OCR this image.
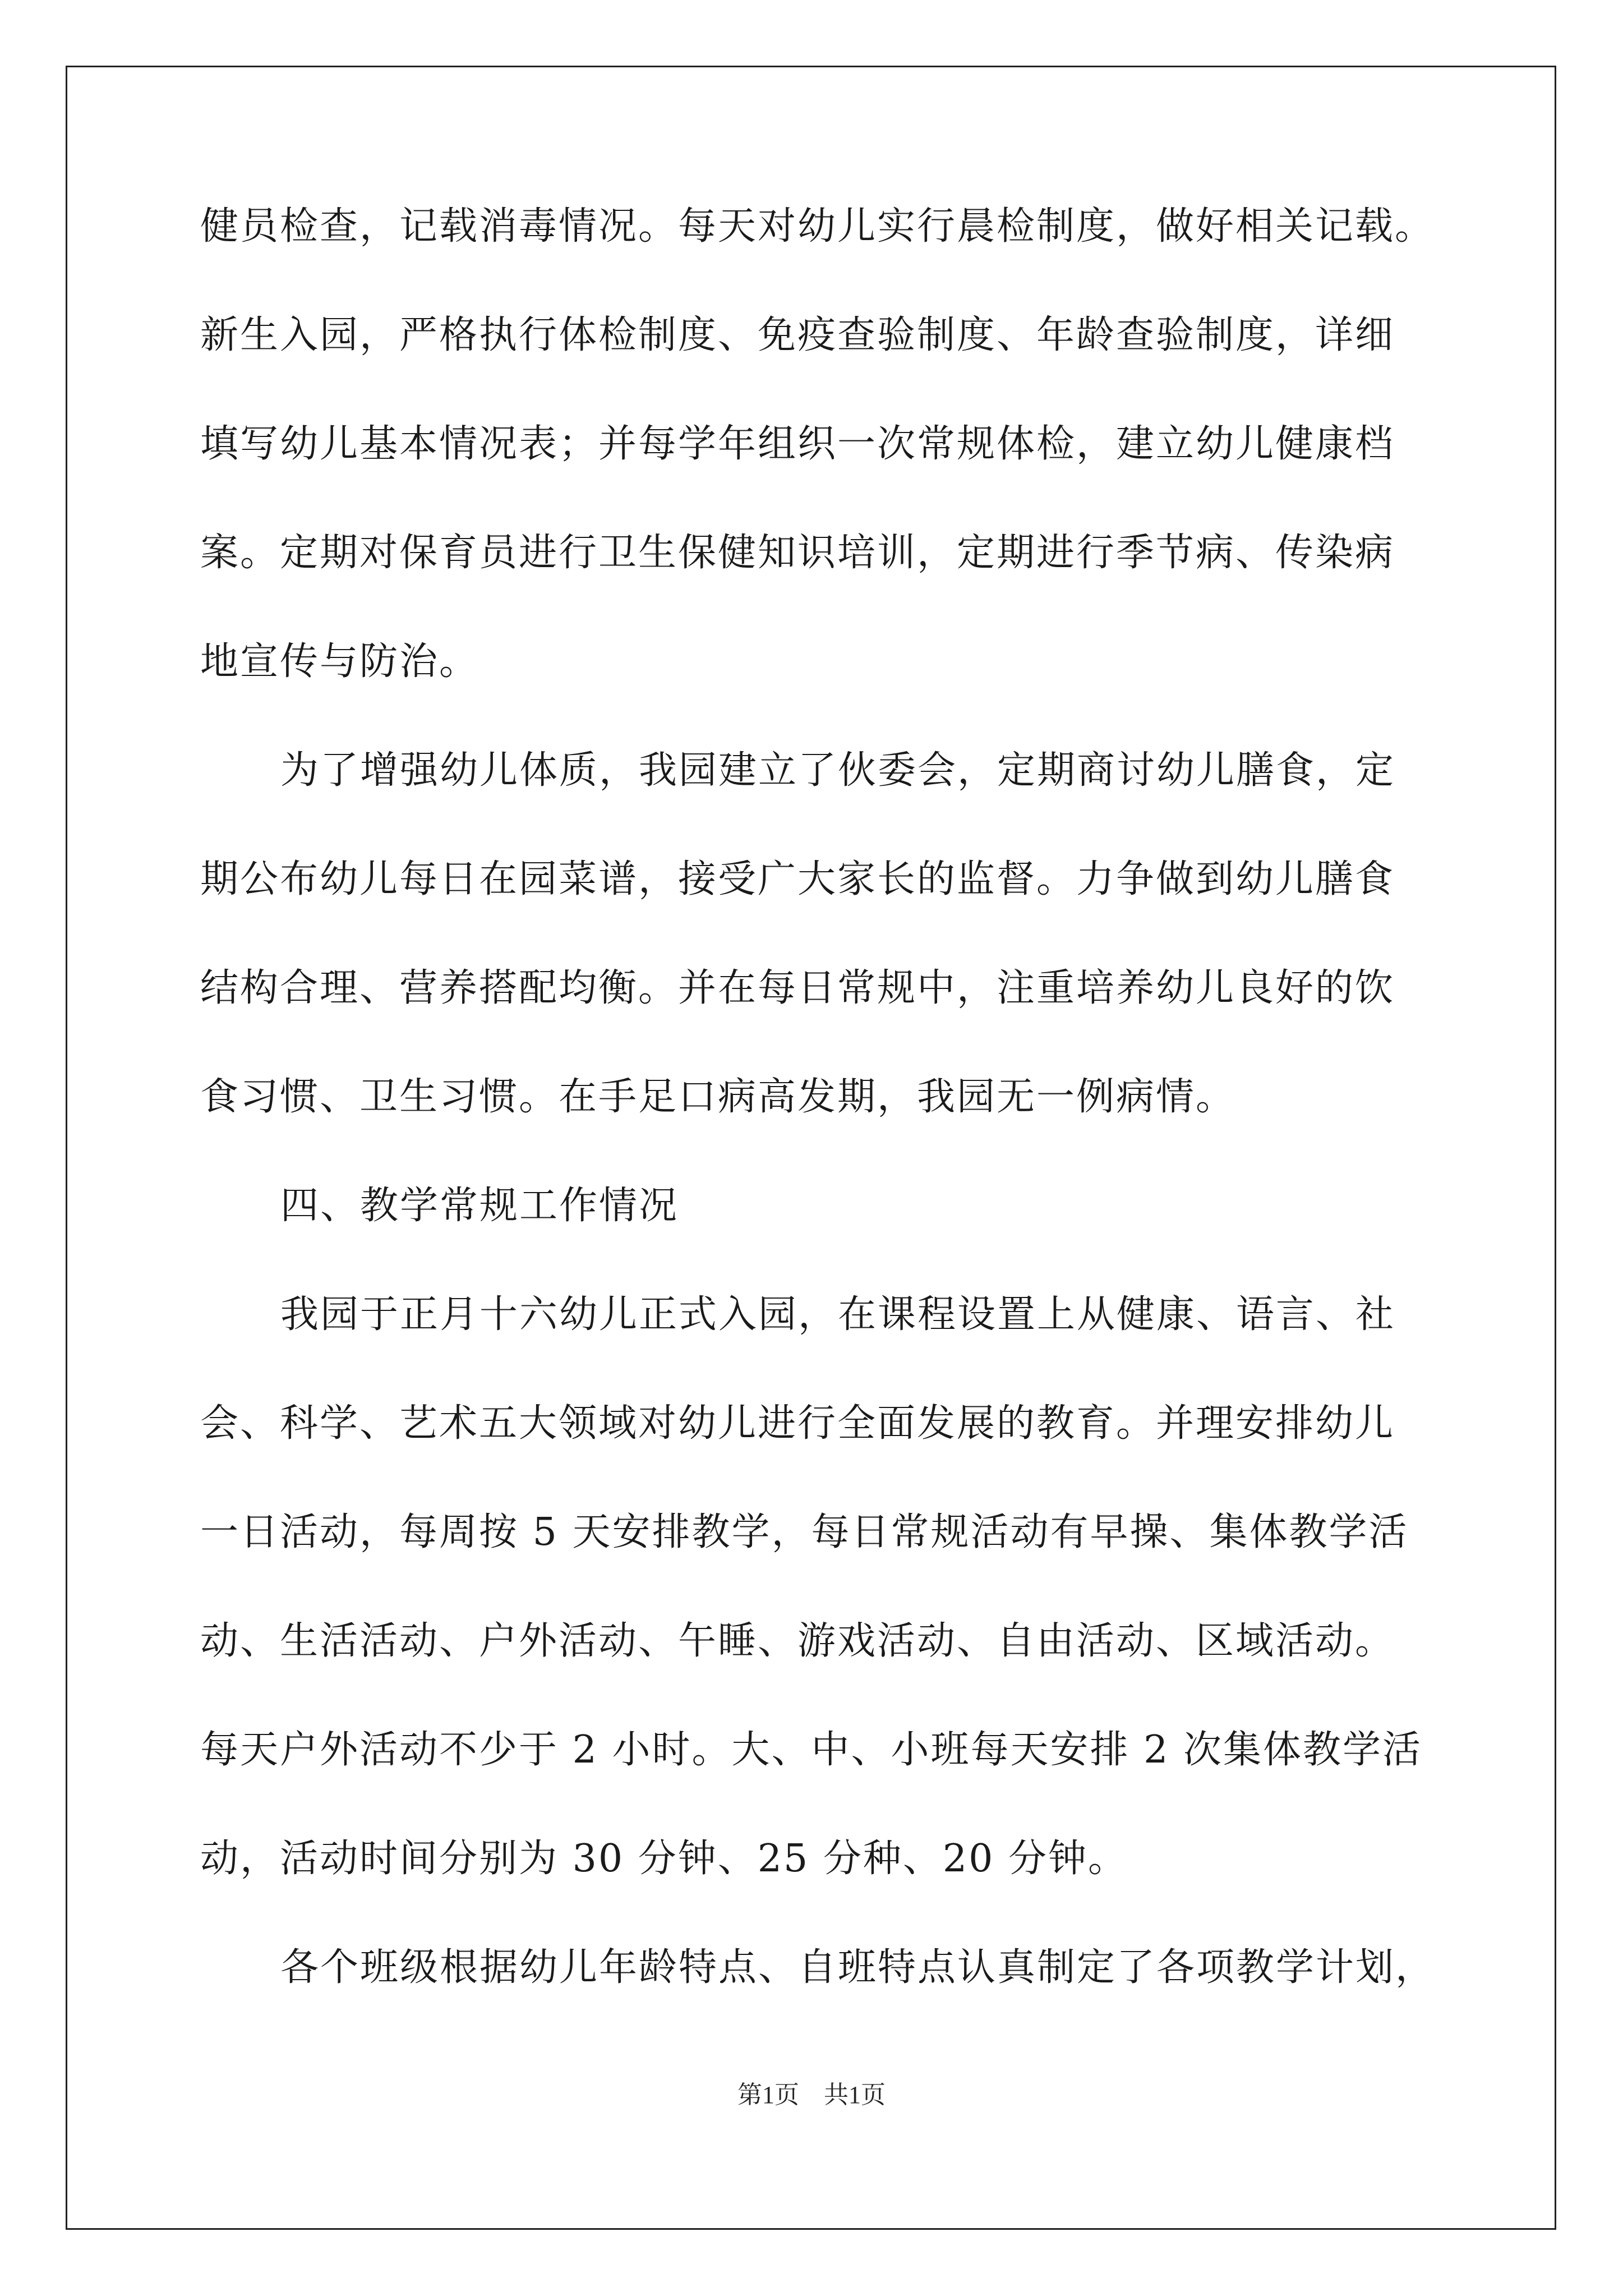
健员检查，记载消毒情况。每天对幼儿实行晨检制度，做好相关记载。
新生入园，严格执行体检制度、免疫查验制度、年龄查验制度，详细
填写幼儿基本情况表；并每学年组织一次常规体检，建立幼儿健康档
案。定期对保育员进行卫生保健知识培训，定期进行季节病、传染病
地宣传与防治。
为了增强幼儿体质，我园建立了伙委会，定期商讨幼儿膳食，定
期公布幼儿每日在园菜谱，接受广大家长的监督。力争做到幼儿膳食
结构合理、营养搭配均衡。并在每日常规中，注重培养幼儿良好的饮
食习惯、卫生习惯。在手足口病高发期，我园无一例病情。
四、教学常规工作情况
我园于正月十六幼儿正式入园，在课程设置上从健康、语言、社
会、科学、艺术五大领域对幼儿进行全面发展的教育。并理安排幼儿
一日活动，每周按 5 天安排教学，每日常规活动有早操、集体教学活
动、生活活动、户外活动、午睡、游戏活动、自由活动、区域活动。
每天户外活动不少于 2 小时。大、中、小班每天安排 2 次集体教学活
动，活动时间分别为 30 分钟、25 分种、20 分钟。
各个班级根据幼儿年龄特点、自班特点认真制定了各项教学计划，
第1页　共1页
